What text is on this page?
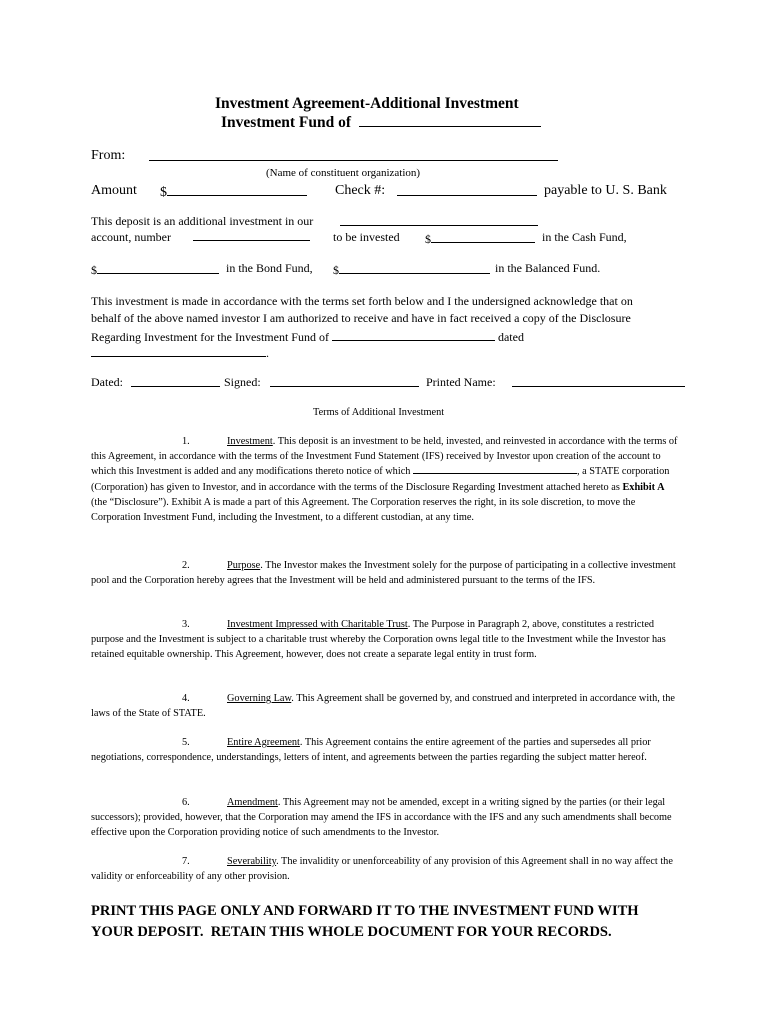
Investment Agreement-Additional Investment
Investment Fund of
From:
(Name of constituent organization)
Amount $	Check #:	payable to U. S. Bank
This deposit is an additional investment in our
account, number	to be invested $	in the Cash Fund,
$	in the Bond Fund, $	in the Balanced Fund.
This investment is made in accordance with the terms set forth below and I the undersigned acknowledge that on
behalf of the above named investor I am authorized to receive and have in fact received a copy of the Disclosure
Regarding Investment for the Investment Fund of	dated
.
Dated:	Signed:	Printed Name:
Terms of Additional Investment
1.	Investment. This deposit is an investment to be held, invested, and reinvested in accordance with the terms of this Agreement, in accordance with the terms of the Investment Fund Statement (IFS) received by Investor upon creation of the account to which this Investment is added and any modifications thereto notice of which	, a STATE corporation (Corporation) has given to Investor, and in accordance with the terms of the Disclosure Regarding Investment attached hereto as Exhibit A (the “Disclosure”). Exhibit A is made a part of this Agreement. The Corporation reserves the right, in its sole discretion, to move the Corporation Investment Fund, including the Investment, to a different custodian, at any time.
2.	Purpose. The Investor makes the Investment solely for the purpose of participating in a collective investment pool and the Corporation hereby agrees that the Investment will be held and administered pursuant to the terms of the IFS.
3.	Investment Impressed with Charitable Trust. The Purpose in Paragraph 2, above, constitutes a restricted purpose and the Investment is subject to a charitable trust whereby the Corporation owns legal title to the Investment while the Investor has retained equitable ownership. This Agreement, however, does not create a separate legal entity in trust form.
4.	Governing Law. This Agreement shall be governed by, and construed and interpreted in accordance with, the laws of the State of STATE.
5.	Entire Agreement. This Agreement contains the entire agreement of the parties and supersedes all prior negotiations, correspondence, understandings, letters of intent, and agreements between the parties regarding the subject matter hereof.
6.	Amendment. This Agreement may not be amended, except in a writing signed by the parties (or their legal successors); provided, however, that the Corporation may amend the IFS in accordance with the IFS and any such amendments shall become effective upon the Corporation providing notice of such amendments to the Investor.
7.	Severability. The invalidity or unenforceability of any provision of this Agreement shall in no way affect the validity or enforceability of any other provision.
PRINT THIS PAGE ONLY AND FORWARD IT TO THE INVESTMENT FUND WITH
YOUR DEPOSIT.  RETAIN THIS WHOLE DOCUMENT FOR YOUR RECORDS.
